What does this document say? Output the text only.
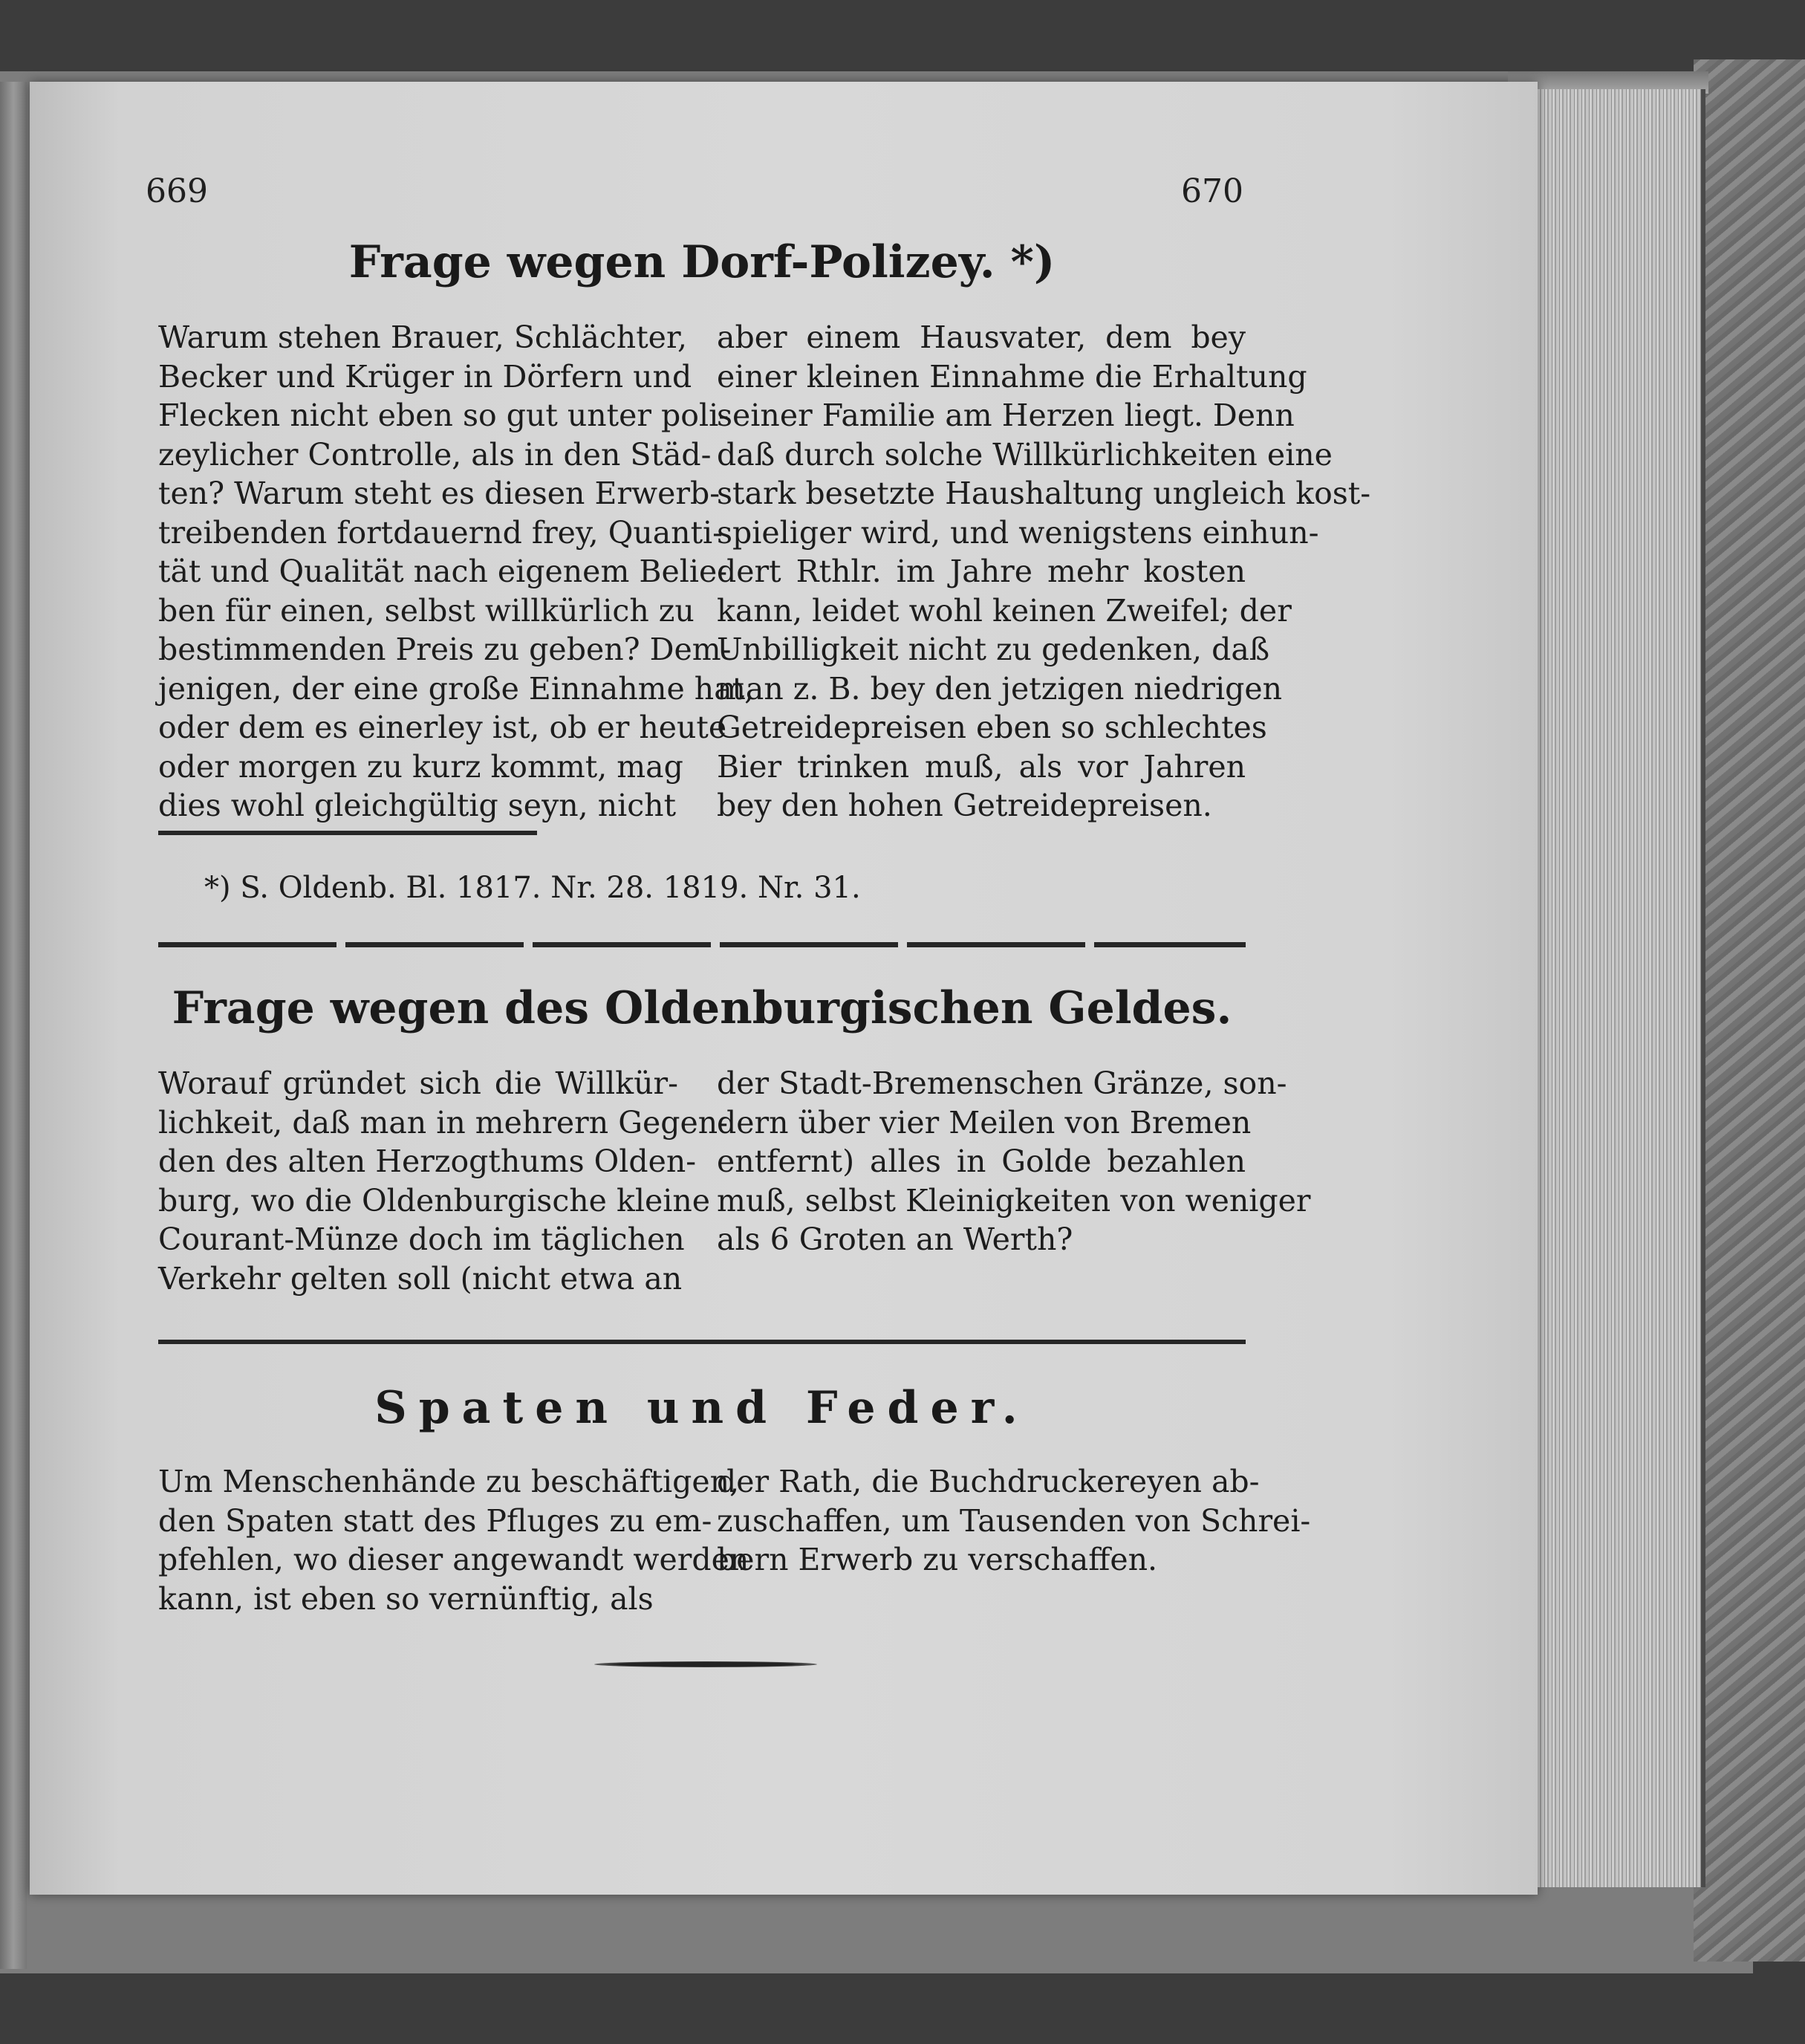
669	670

Frage wegen Dorf-Polizey. *)
Warum stehen Brauer, Schlächter,
Becker und Krüger in Dörfern und
Flecken nicht eben so gut unter poli-
zeylicher Controlle, als in den Städ-
ten? Warum steht es diesen Erwerb-
treibenden fortdauernd frey, Quanti-
tät und Qualität nach eigenem Belie-
ben für einen, selbst willkürlich zu
bestimmenden Preis zu geben? Dem-
jenigen, der eine große Einnahme hat,
oder dem es einerley ist, ob er heute
oder morgen zu kurz kommt, mag
dies wohl gleichgültig seyn, nicht
aber einem Hausvater, dem bey
einer kleinen Einnahme die Erhaltung
seiner Familie am Herzen liegt. Denn
daß durch solche Willkürlichkeiten eine
stark besetzte Haushaltung ungleich kost-
spieliger wird, und wenigstens einhun-
dert Rthlr. im Jahre mehr kosten
kann, leidet wohl keinen Zweifel; der
Unbilligkeit nicht zu gedenken, daß
man z. B. bey den jetzigen niedrigen
Getreidepreisen eben so schlechtes
Bier trinken muß, als vor Jahren
bey den hohen Getreidepreisen.

*) S. Oldenb. Bl. 1817. Nr. 28. 1819. Nr. 31.

Frage wegen des Oldenburgischen Geldes.
Worauf gründet sich die Willkür-
lichkeit, daß man in mehrern Gegen-
den des alten Herzogthums Olden-
burg, wo die Oldenburgische kleine
Courant-Münze doch im täglichen
Verkehr gelten soll (nicht etwa an
der Stadt-Bremenschen Gränze, son-
dern über vier Meilen von Bremen
entfernt) alles in Golde bezahlen
muß, selbst Kleinigkeiten von weniger
als 6 Groten an Werth?
Spaten und Feder.
Um Menschenhände zu beschäftigen,
den Spaten statt des Pfluges zu em-
pfehlen, wo dieser angewandt werden
kann, ist eben so vernünftig, als
der Rath, die Buchdruckereyen ab-
zuschaffen, um Tausenden von Schrei-
bern Erwerb zu verschaffen.
